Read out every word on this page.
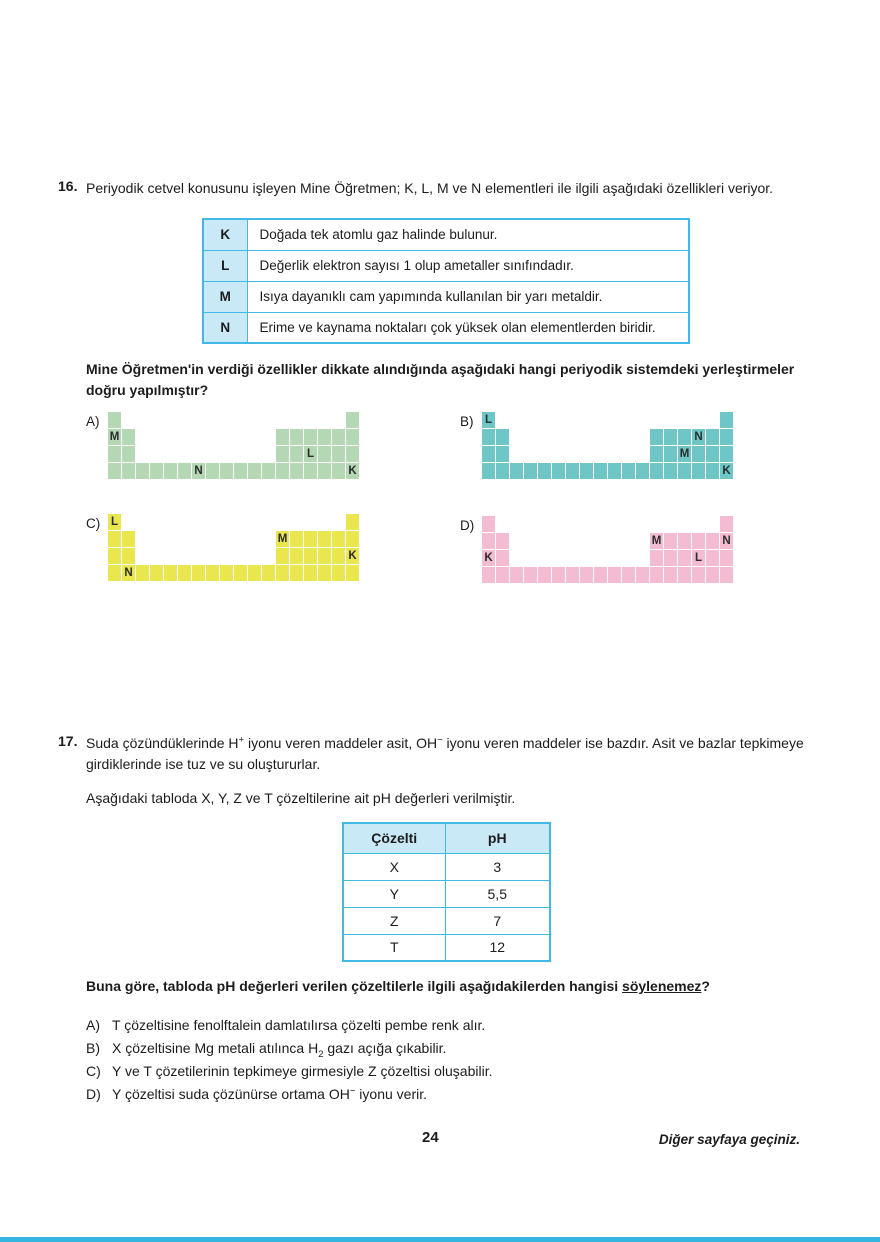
16. Periyodik cetvel konusunu işleyen Mine Öğretmen; K, L, M ve N elementleri ile ilgili aşağıdaki özellikleri veriyor.
K	Doğada tek atomlu gaz halinde bulunur.
L	Değerlik elektron sayısı 1 olup ametaller sınıfındadır.
M	Isıya dayanıklı cam yapımında kullanılan bir yarı metaldir.
N	Erime ve kaynama noktaları çok yüksek olan elementlerden biridir.
Mine Öğretmen'in verdiği özellikler dikkate alındığında aşağıdaki hangi periyodik sistemdeki yerleştirmeler doğru yapılmıştır?
A)
M
L
N	K
B) L
N
M
K
C) L
M
K
N
D)
M	N
K	L
17. Suda çözündüklerinde H+ iyonu veren maddeler asit, OH− iyonu veren maddeler ise bazdır. Asit ve bazlar tepkimeye girdiklerinde ise tuz ve su oluştururlar.
Aşağıdaki tabloda X, Y, Z ve T çözeltilerine ait pH değerleri verilmiştir.
Çözelti	pH
X	3
Y	5,5
Z	7
T	12
Buna göre, tabloda pH değerleri verilen çözeltilerle ilgili aşağıdakilerden hangisi söylenemez?
A) T çözeltisine fenolftalein damlatılırsa çözelti pembe renk alır.
B) X çözeltisine Mg metali atılınca $H_2$ gazı açığa çıkabilir.
C) Y ve T çözetilerinin tepkimeye girmesiyle Z çözeltisi oluşabilir.
D) Y çözeltisi suda çözünürse ortama OH− iyonu verir.
24	Diğer sayfaya geçiniz.
